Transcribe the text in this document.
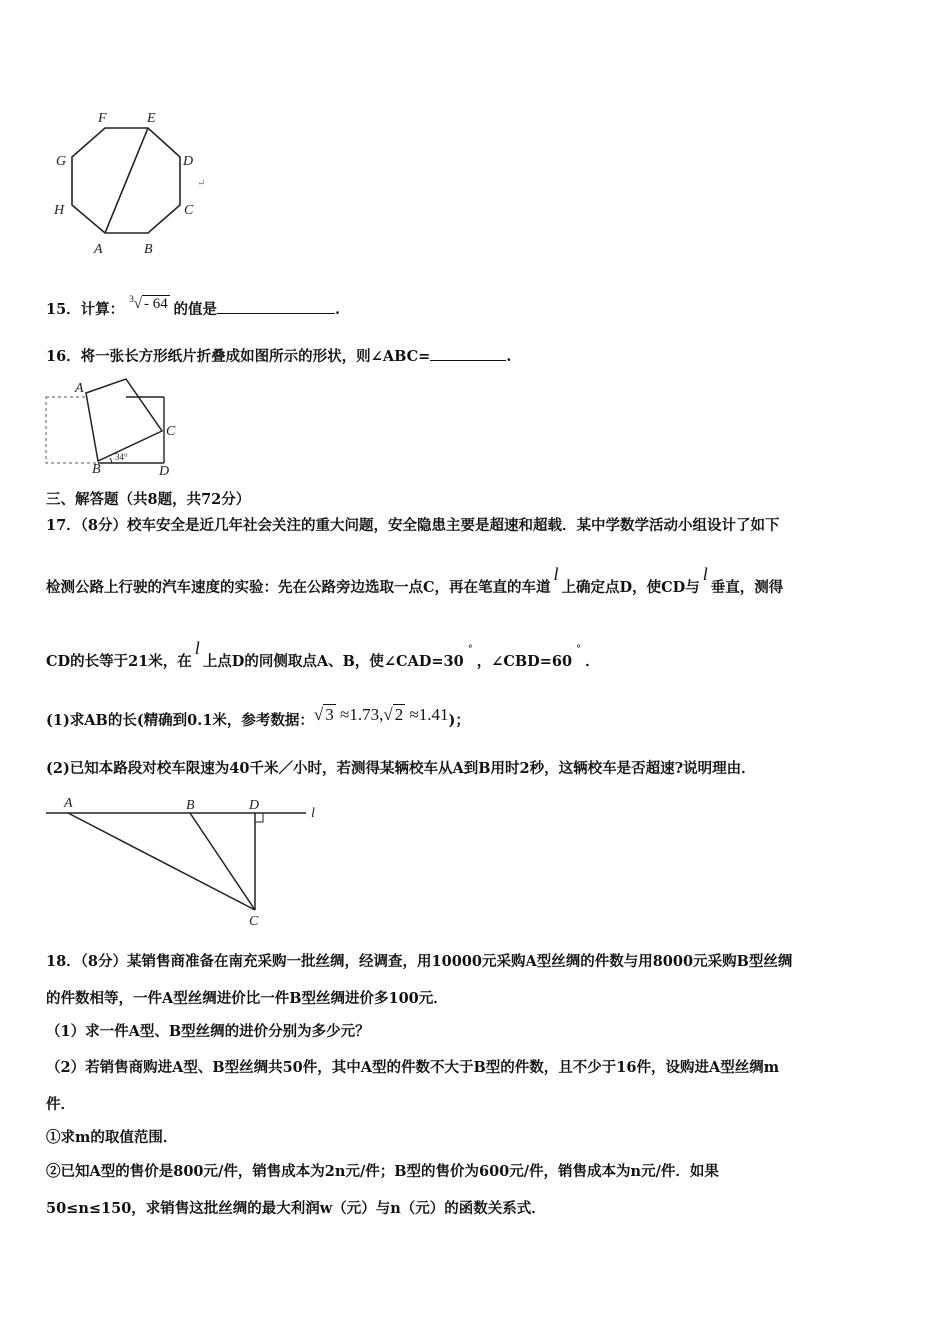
F	E
D
C
B
A
H
G
↵
15．计算： $^3$√ - 64 的值是	.
16．将一张长方形纸片折叠成如图所示的形状，则∠ABC=	.
A
B
C
D
34°
三、解答题（共8题，共72分）
17．（8分）校车安全是近几年社会关注的重大问题，安全隐患主要是超速和超载．某中学数学活动小组设计了如下
检测公路上行驶的汽车速度的实验：先在公路旁边选取一点C，再在笔直的车道l上确定点D，使CD与l垂直，测得
CD的长等于21米，在l上点D的同侧取点A、B，使∠CAD=30°，∠CBD=60°．
(1)求AB的长(精确到0.1米，参考数据：√ 3 ≈1.73,√ 2 ≈1.41)；
(2)已知本路段对校车限速为40千米／小时，若测得某辆校车从A到B用时2秒，这辆校车是否超速?说明理由．
A	B	D
C
l
18．（8分）某销售商准备在南充采购一批丝绸，经调查，用10000元采购A型丝绸的件数与用8000元采购B型丝绸
的件数相等，一件A型丝绸进价比一件B型丝绸进价多100元．
（1）求一件A型、B型丝绸的进价分别为多少元？
（2）若销售商购进A型、B型丝绸共50件，其中A型的件数不大于B型的件数，且不少于16件，设购进A型丝绸m
件．
①求m的取值范围．
②已知A型的售价是800元/件，销售成本为2n元/件；B型的售价为600元/件，销售成本为n元/件．如果
50≤n≤150，求销售这批丝绸的最大利润w（元）与n（元）的函数关系式．
